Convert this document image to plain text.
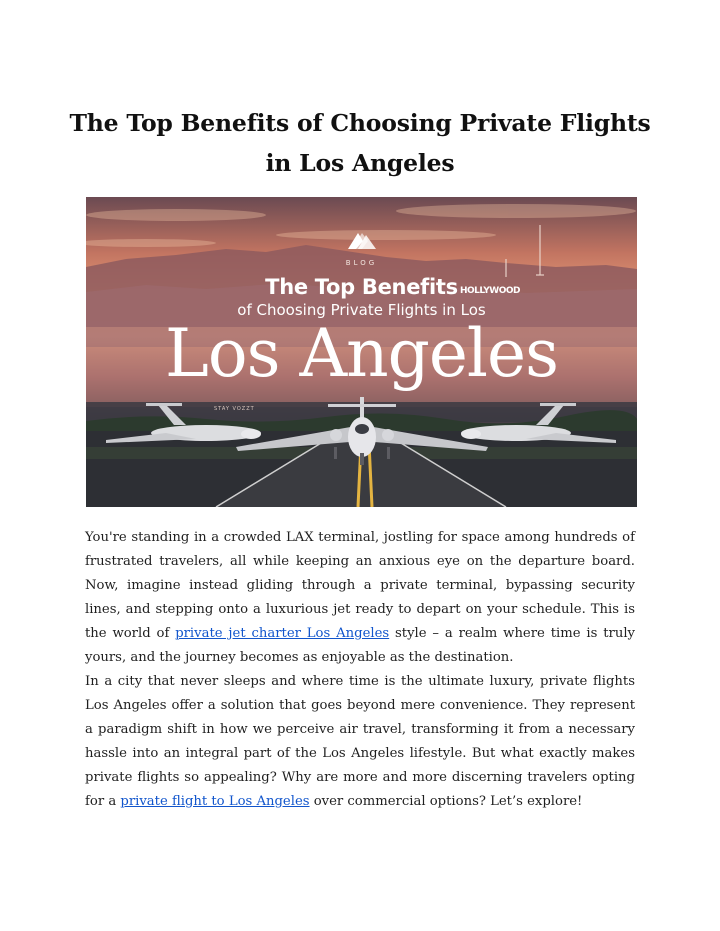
The Top Benefits of Choosing Private Flights
in Los Angeles
BLOG
The Top Benefits
of Choosing Private Flights in Los
Los Angeles
HOLLYWOOD
STAY VOZZT

You're standing in a crowded LAX terminal, jostling for space among hundreds of frustrated travelers, all while keeping an anxious eye on the departure board. Now, imagine instead gliding through a private terminal, bypassing security lines, and stepping onto a luxurious jet ready to depart on your schedule. This is the world of private jet charter Los Angeles style – a realm where time is truly yours, and the journey becomes as enjoyable as the destination.

In a city that never sleeps and where time is the ultimate luxury, private flights Los Angeles offer a solution that goes beyond mere convenience. They represent a paradigm shift in how we perceive air travel, transforming it from a necessary hassle into an integral part of the Los Angeles lifestyle. But what exactly makes private flights so appealing? Why are more and more discerning travelers opting for a private flight to Los Angeles over commercial options? Let’s explore!
